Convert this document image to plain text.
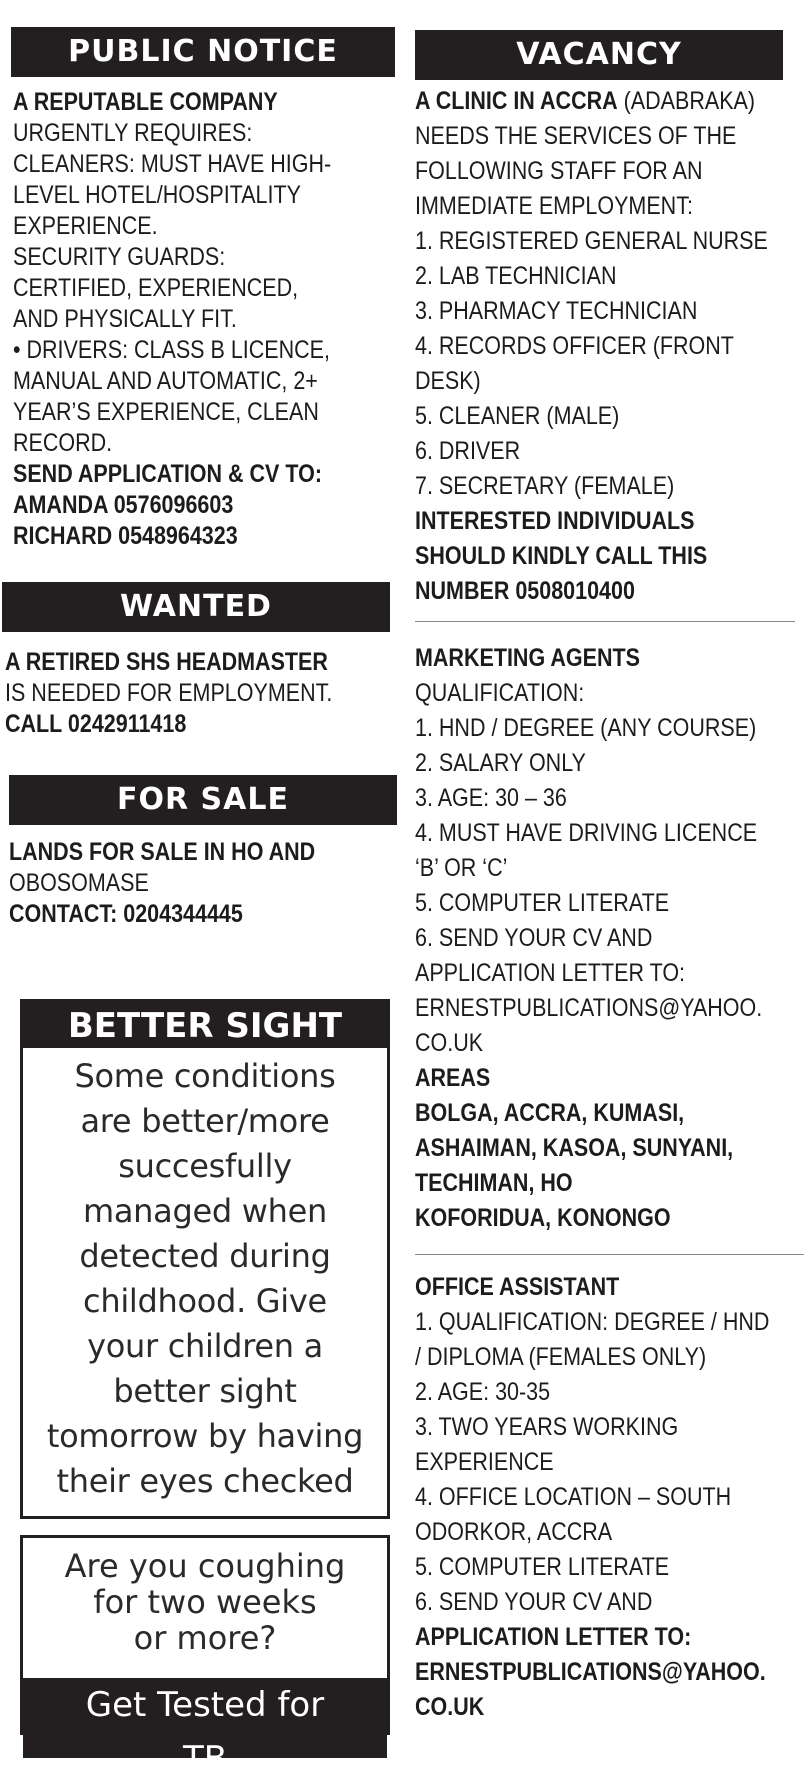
PUBLIC NOTICE
A REPUTABLE COMPANY
URGENTLY REQUIRES:
CLEANERS: MUST HAVE HIGH-
LEVEL HOTEL/HOSPITALITY
EXPERIENCE.
SECURITY GUARDS:
CERTIFIED, EXPERIENCED,
AND PHYSICALLY FIT.
• DRIVERS: CLASS B LICENCE,
MANUAL AND AUTOMATIC, 2+
YEAR’S EXPERIENCE, CLEAN
RECORD.
SEND APPLICATION & CV TO:
AMANDA 0576096603
RICHARD 0548964323
WANTED
A RETIRED SHS HEADMASTER
IS NEEDED FOR EMPLOYMENT.
CALL 0242911418
FOR SALE
LANDS FOR SALE IN HO AND
OBOSOMASE
CONTACT: 0204344445
BETTER SIGHT
Some conditions
are better/more
succesfully
managed when
detected during
childhood. Give
your children a
better sight
tomorrow by having
their eyes checked
Are you coughing
for two weeks
or more?
Get Tested for
TB
VACANCY
A CLINIC IN ACCRA (ADABRAKA)
NEEDS THE SERVICES OF THE
FOLLOWING STAFF FOR AN
IMMEDIATE EMPLOYMENT:
1. REGISTERED GENERAL NURSE
2. LAB TECHNICIAN
3. PHARMACY TECHNICIAN
4. RECORDS OFFICER (FRONT
DESK)
5. CLEANER (MALE)
6. DRIVER
7. SECRETARY (FEMALE)
INTERESTED INDIVIDUALS
SHOULD KINDLY CALL THIS
NUMBER 0508010400
MARKETING AGENTS
QUALIFICATION:
1. HND / DEGREE (ANY COURSE)
2. SALARY ONLY
3. AGE: 30 – 36
4. MUST HAVE DRIVING LICENCE
‘B’ OR ‘C’
5. COMPUTER LITERATE
6. SEND YOUR CV AND
APPLICATION LETTER TO:
ERNESTPUBLICATIONS@YAHOO.
CO.UK
AREAS
BOLGA, ACCRA, KUMASI,
ASHAIMAN, KASOA, SUNYANI,
TECHIMAN, HO
KOFORIDUA, KONONGO
OFFICE ASSISTANT
1. QUALIFICATION: DEGREE / HND
/ DIPLOMA (FEMALES ONLY)
2. AGE: 30-35
3. TWO YEARS WORKING
EXPERIENCE
4. OFFICE LOCATION – SOUTH
ODORKOR, ACCRA
5. COMPUTER LITERATE
6. SEND YOUR CV AND
APPLICATION LETTER TO:
ERNESTPUBLICATIONS@YAHOO.
CO.UK
